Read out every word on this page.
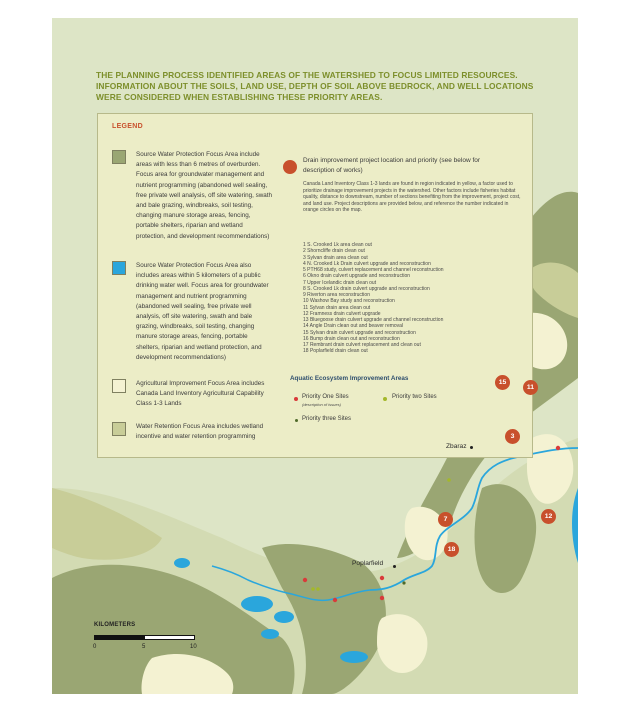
THE PLANNING PROCESS IDENTIFIED AREAS OF THE WATERSHED TO FOCUS LIMITED RESOURCES. INFORMATION ABOUT THE SOILS, LAND USE, DEPTH OF SOIL ABOVE BEDROCK, AND WELL LOCATIONS WERE CONSIDERED WHEN ESTABLISHING THESE PRIORITY AREAS.
LEGEND
Source Water Protection Focus Area include areas with less than 6 metres of overburden. Focus area for groundwater management and nutrient programming (abandoned well sealing, free private well analysis, off site watering, swath and bale grazing, windbreaks, soil testing, changing manure storage areas, fencing, portable shelters, riparian and wetland protection, and development recommendations)
Source Water Protection Focus Area also includes areas within 5 kilometers of a public drinking water well. Focus area for groundwater management and nutrient programming (abandoned well sealing, free private well analysis, off site watering, swath and bale grazing, windbreaks, soil testing, changing manure storage areas, fencing, portable shelters, riparian and wetland protection, and development recommendations)
Agricultural Improvement Focus Area includes Canada Land Inventory Agricultural Capability Class 1-3 Lands
Water Retention Focus Area includes wetland incentive and water retention programming
Drain improvement project location and priority (see below for description of works)
Canada Land Inventory Class 1-3 lands are found in region indicated in yellow, a factor used to prioritize drainage improvement projects in the watershed. Other factors include fisheries habitat quality, distance to downstream, number of sections benefiting from the improvement, project cost, and land use. Project descriptions are provided below, and reference the number indicated in orange circles on the map.
1 S. Crooked Lk area clean out
2 Shorncliffe drain clean out
3 Sylvan drain area clean out
4 N. Crooked Lk Drain culvert upgrade and reconstruction
5 PTH68 study, culvert replacement and channel reconstruction
6 Okno drain culvert upgrade and reconstruction
7 Upper Icelandic drain clean out
8 S. Crooked Lk drain culvert upgrade and reconstruction
9 Riverton area reconstruction
10 Washow Bay study and reconstruction
11 Sylvan drain area clean out
12 Framness drain culvert upgrade
13 Bluegoose drain culvert upgrade and channel reconstruction
14 Angle Drain clean out and beaver removal
15 Sylvan drain culvert upgrade and reconstruction
16 Bump drain clean out and reconstruction
17 Rembrant drain culvert replacement and clean out
18 Poplarfield drain clean out
Aquatic Ecosystem Improvement Areas
Priority One Sites
(description of issues)
Priority two Sites
Priority three Sites
Zbaraz
Poplarfield
15
11
3
7	12
18
KILOMETERS
0	5	10
